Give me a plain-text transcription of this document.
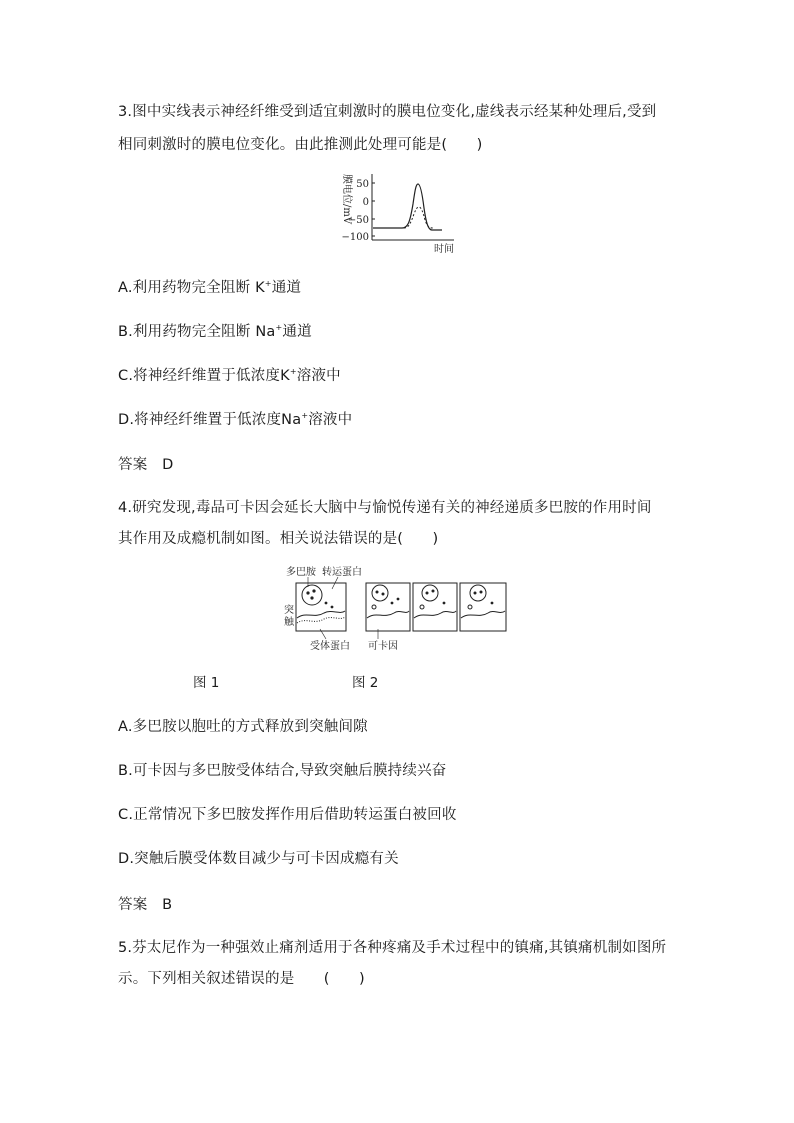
3.图中实线表示神经纤维受到适宜刺激时的膜电位变化,虚线表示经某种处理后,受到
相同刺激时的膜电位变化。由此推测此处理可能是(　　)
膜电位/mV 50
0
−50
−100
时间
A.利用药物完全阻断 K+通道
B.利用药物完全阻断 Na+通道
C.将神经纤维置于低浓度K+溶液中
D.将神经纤维置于低浓度Na+溶液中
答案　D
4.研究发现,毒品可卡因会延长大脑中与愉悦传递有关的神经递质多巴胺的作用时间
其作用及成瘾机制如图。相关说法错误的是(　　)
多巴胺 转运蛋白
突
触
受体蛋白 可卡因
图 1	图 2
A.多巴胺以胞吐的方式释放到突触间隙
B.可卡因与多巴胺受体结合,导致突触后膜持续兴奋
C.正常情况下多巴胺发挥作用后借助转运蛋白被回收
D.突触后膜受体数目减少与可卡因成瘾有关
答案　B
5.芬太尼作为一种强效止痛剂适用于各种疼痛及手术过程中的镇痛,其镇痛机制如图所
示。下列相关叙述错误的是　　(　　)
